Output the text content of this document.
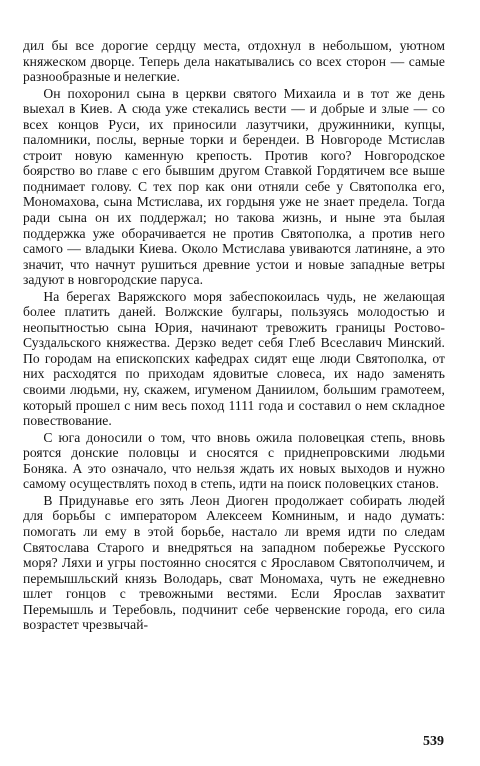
дил бы все дорогие сердцу места, отдохнул в небольшом, уютном княжеском дворце. Теперь дела накатывались со всех сторон — самые разнообразные и нелегкие.

Он похоронил сына в церкви святого Михаила и в тот же день выехал в Киев. А сюда уже стекались вести — и добрые и злые — со всех концов Руси, их приносили лазутчики, дружинники, купцы, паломники, послы, верные торки и берендеи. В Новгороде Мстислав строит новую каменную крепость. Против кого? Новгородское боярство во главе с его бывшим другом Ставкой Гордятичем все выше поднимает голову. С тех пор как они отняли себе у Святополка его, Мономахова, сына Мстислава, их гордыня уже не знает предела. Тогда ради сына он их поддержал; но такова жизнь, и ныне эта былая поддержка уже оборачивается не против Святополка, а против него самого — владыки Киева. Около Мстислава увиваются латиняне, а это значит, что начнут рушиться древние устои и новые западные ветры задуют в новгородские паруса.

На берегах Варяжского моря забеспокоилась чудь, не желающая более платить даней. Волжские булгары, пользуясь молодостью и неопытностью сына Юрия, начинают тревожить границы Ростово-Суздальского княжества. Дерзко ведет себя Глеб Всеславич Минский. По городам на епископских кафедрах сидят еще люди Святополка, от них расходятся по приходам ядовитые словеса, их надо заменять своими людьми, ну, скажем, игуменом Даниилом, большим грамотеем, который прошел с ним весь поход 1111 года и составил о нем складное повествование.

С юга доносили о том, что вновь ожила половецкая степь, вновь роятся донские половцы и сносятся с приднепровскими людьми Боняка. А это означало, что нельзя ждать их новых выходов и нужно самому осуществлять поход в степь, идти на поиск половецких станов.

В Придунавье его зять Леон Диоген продолжает собирать людей для борьбы с императором Алексеем Комниным, и надо думать: помогать ли ему в этой борьбе, настало ли время идти по следам Святослава Старого и внедряться на западном побережье Русского моря? Ляхи и угры постоянно сносятся с Ярославом Святополчичем, и перемышльский князь Володарь, сват Мономаха, чуть не ежедневно шлет гонцов с тревожными вестями. Если Ярослав захватит Перемышль и Теребовль, подчинит себе червенские города, его сила возрастет чрезвычай-

539
